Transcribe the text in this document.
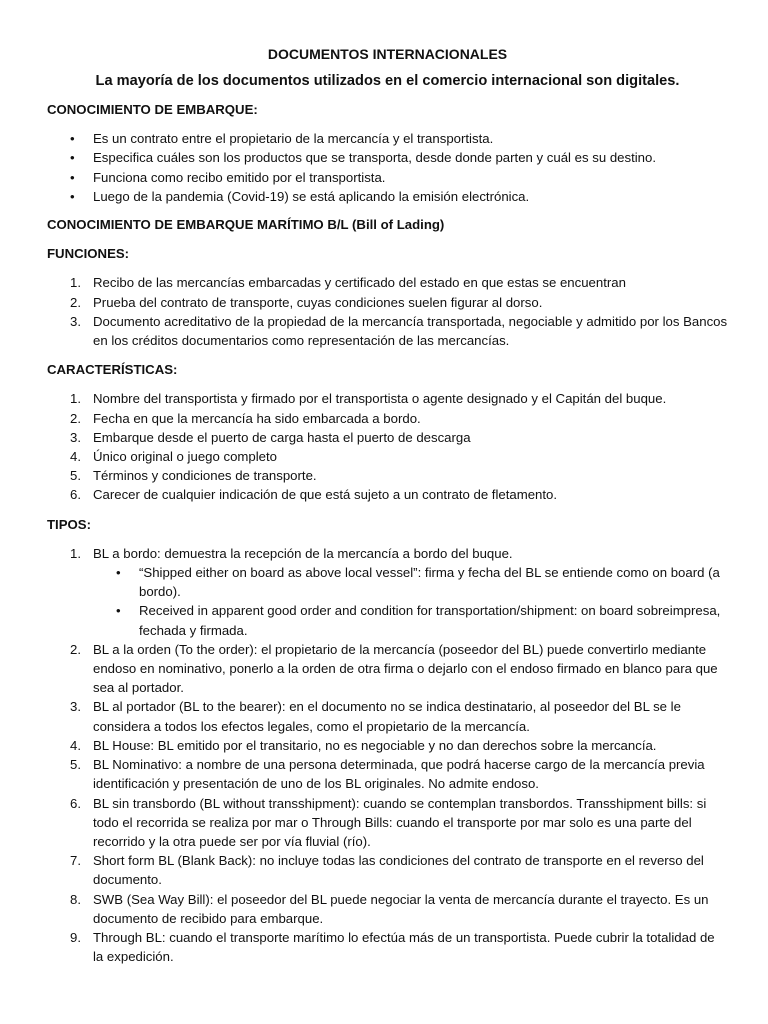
DOCUMENTOS INTERNACIONALES
La mayoría de los documentos utilizados en el comercio internacional son digitales.
CONOCIMIENTO DE EMBARQUE:
• Es un contrato entre el propietario de la mercancía y el transportista.
• Especifica cuáles son los productos que se transporta, desde donde parten y cuál es su destino.
• Funciona como recibo emitido por el transportista.
• Luego de la pandemia (Covid-19) se está aplicando la emisión electrónica.
CONOCIMIENTO DE EMBARQUE MARÍTIMO B/L (Bill of Lading)
FUNCIONES:
1. Recibo de las mercancías embarcadas y certificado del estado en que estas se encuentran
2. Prueba del contrato de transporte, cuyas condiciones suelen figurar al dorso.
3. Documento acreditativo de la propiedad de la mercancía transportada, negociable y admitido por los Bancos en los créditos documentarios como representación de las mercancías.
CARACTERÍSTICAS:
1. Nombre del transportista y firmado por el transportista o agente designado y el Capitán del buque.
2. Fecha en que la mercancía ha sido embarcada a bordo.
3. Embarque desde el puerto de carga hasta el puerto de descarga
4. Único original o juego completo
5. Términos y condiciones de transporte.
6. Carecer de cualquier indicación de que está sujeto a un contrato de fletamento.
TIPOS:
1. BL a bordo: demuestra la recepción de la mercancía a bordo del buque.
• “Shipped either on board as above local vessel”: firma y fecha del BL se entiende como on board (a bordo).
• Received in apparent good order and condition for transportation/shipment: on board sobreimpresa, fechada y firmada.
2. BL a la orden (To the order): el propietario de la mercancía (poseedor del BL) puede convertirlo mediante endoso en nominativo, ponerlo a la orden de otra firma o dejarlo con el endoso firmado en blanco para que sea al portador.
3. BL al portador (BL to the bearer): en el documento no se indica destinatario, al poseedor del BL se le considera a todos los efectos legales, como el propietario de la mercancía.
4. BL House: BL emitido por el transitario, no es negociable y no dan derechos sobre la mercancía.
5. BL Nominativo: a nombre de una persona determinada, que podrá hacerse cargo de la mercancía previa identificación y presentación de uno de los BL originales. No admite endoso.
6. BL sin transbordo (BL without transshipment): cuando se contemplan transbordos. Transshipment bills: si todo el recorrida se realiza por mar o Through Bills: cuando el transporte por mar solo es una parte del recorrido y la otra puede ser por vía fluvial (río).
7. Short form BL (Blank Back): no incluye todas las condiciones del contrato de transporte en el reverso del documento.
8. SWB (Sea Way Bill): el poseedor del BL puede negociar la venta de mercancía durante el trayecto. Es un documento de recibido para embarque.
9. Through BL: cuando el transporte marítimo lo efectúa más de un transportista. Puede cubrir la totalidad de la expedición.
